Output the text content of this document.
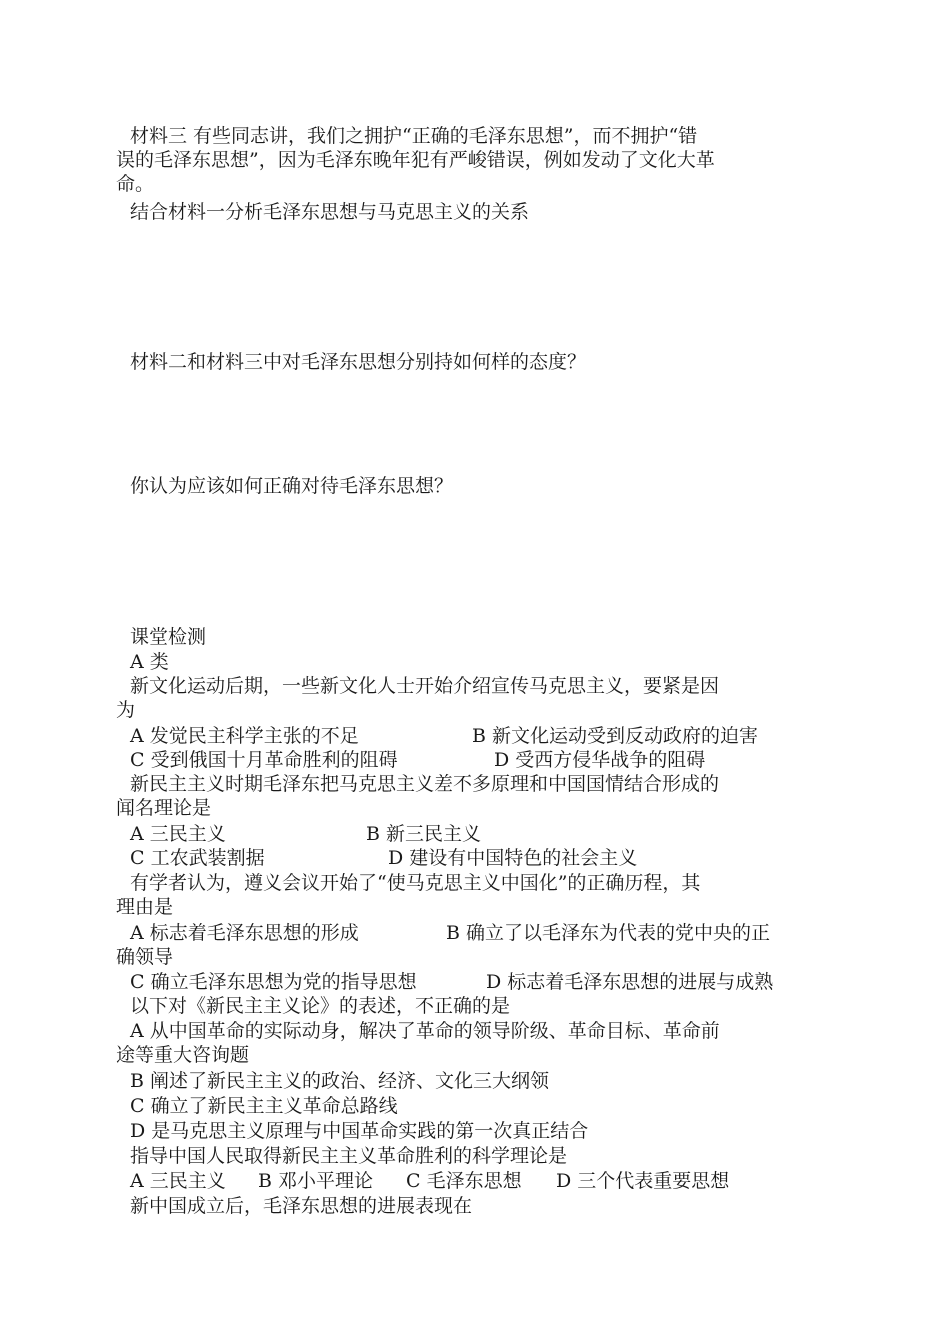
材料三 有些同志讲，我们之拥护“正确的毛泽东思想”，而不拥护“错
误的毛泽东思想”，因为毛泽东晚年犯有严峻错误，例如发动了文化大革
命。
结合材料一分析毛泽东思想与马克思主义的关系
材料二和材料三中对毛泽东思想分别持如何样的态度？
你认为应该如何正确对待毛泽东思想？
课堂检测
A 类
新文化运动后期，一些新文化人士开始介绍宣传马克思主义，要紧是因
为
A 发觉民主科学主张的不足	B 新文化运动受到反动政府的迫害
C 受到俄国十月革命胜利的阻碍	D 受西方侵华战争的阻碍
新民主主义时期毛泽东把马克思主义差不多原理和中国国情结合形成的
闻名理论是
A 三民主义	B 新三民主义
C 工农武装割据	D 建设有中国特色的社会主义
有学者认为，遵义会议开始了“使马克思主义中国化”的正确历程，其
理由是
A 标志着毛泽东思想的形成	B 确立了以毛泽东为代表的党中央的正
确领导
C 确立毛泽东思想为党的指导思想	D 标志着毛泽东思想的进展与成熟
以下对《新民主主义论》的表述，不正确的是
A 从中国革命的实际动身，解决了革命的领导阶级、革命目标、革命前
途等重大咨询题
B 阐述了新民主主义的政治、经济、文化三大纲领
C 确立了新民主主义革命总路线
D 是马克思主义原理与中国革命实践的第一次真正结合
指导中国人民取得新民主主义革命胜利的科学理论是
A 三民主义 B 邓小平理论 C 毛泽东思想 D 三个代表重要思想
新中国成立后，毛泽东思想的进展表现在
